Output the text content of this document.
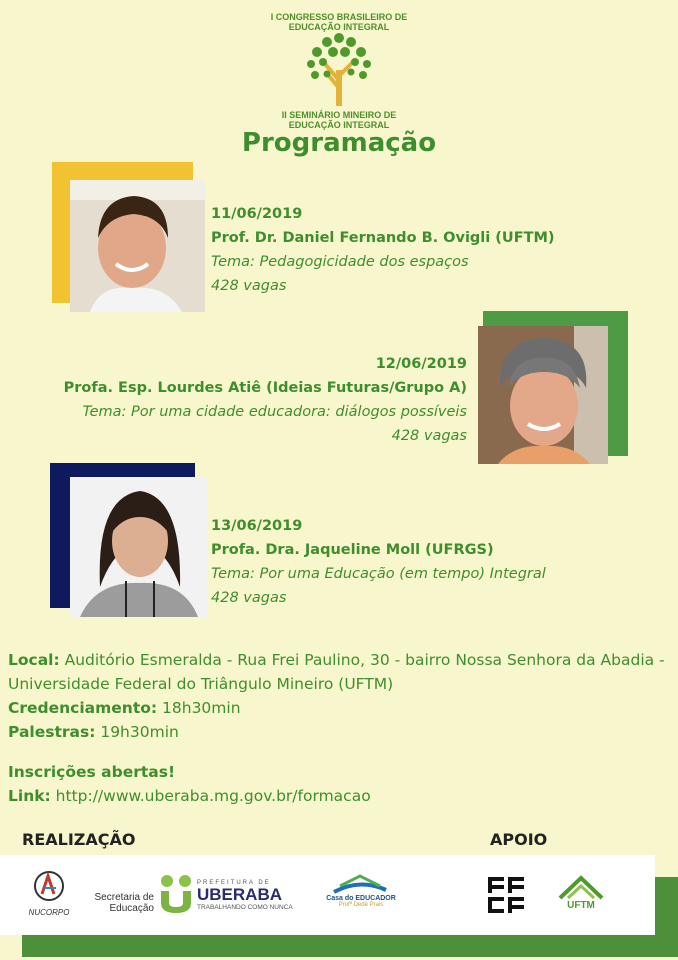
I CONGRESSO BRASILEIRO DE
EDUCAÇÃO INTEGRAL
II SEMINÁRIO MINEIRO DE
EDUCAÇÃO INTEGRAL
Programação
11/06/2019
Prof. Dr. Daniel Fernando B. Ovigli (UFTM)
Tema: Pedagogicidade dos espaços
428 vagas
12/06/2019
Profa. Esp. Lourdes Atiê (Ideias Futuras/Grupo A)
Tema: Por uma cidade educadora: diálogos possíveis
428 vagas
13/06/2019
Profa. Dra. Jaqueline Moll (UFRGS)
Tema: Por uma Educação (em tempo) Integral
428 vagas
Local: Auditório Esmeralda - Rua Frei Paulino, 30 - bairro Nossa Senhora da Abadia - Universidade Federal do Triângulo Mineiro (UFTM)
Credenciamento: 18h30min
Palestras: 19h30min
Inscrições abertas!
Link: http://www.uberaba.mg.gov.br/formacao
REALIZAÇÃO	APOIO
NUCORPO
Secretaria de
Educação
PREFEITURA DE
UBERABA
TRABALHANDO COMO NUNCA
Casa do EDUCADOR
Profª Dedê Prais	UFTM
